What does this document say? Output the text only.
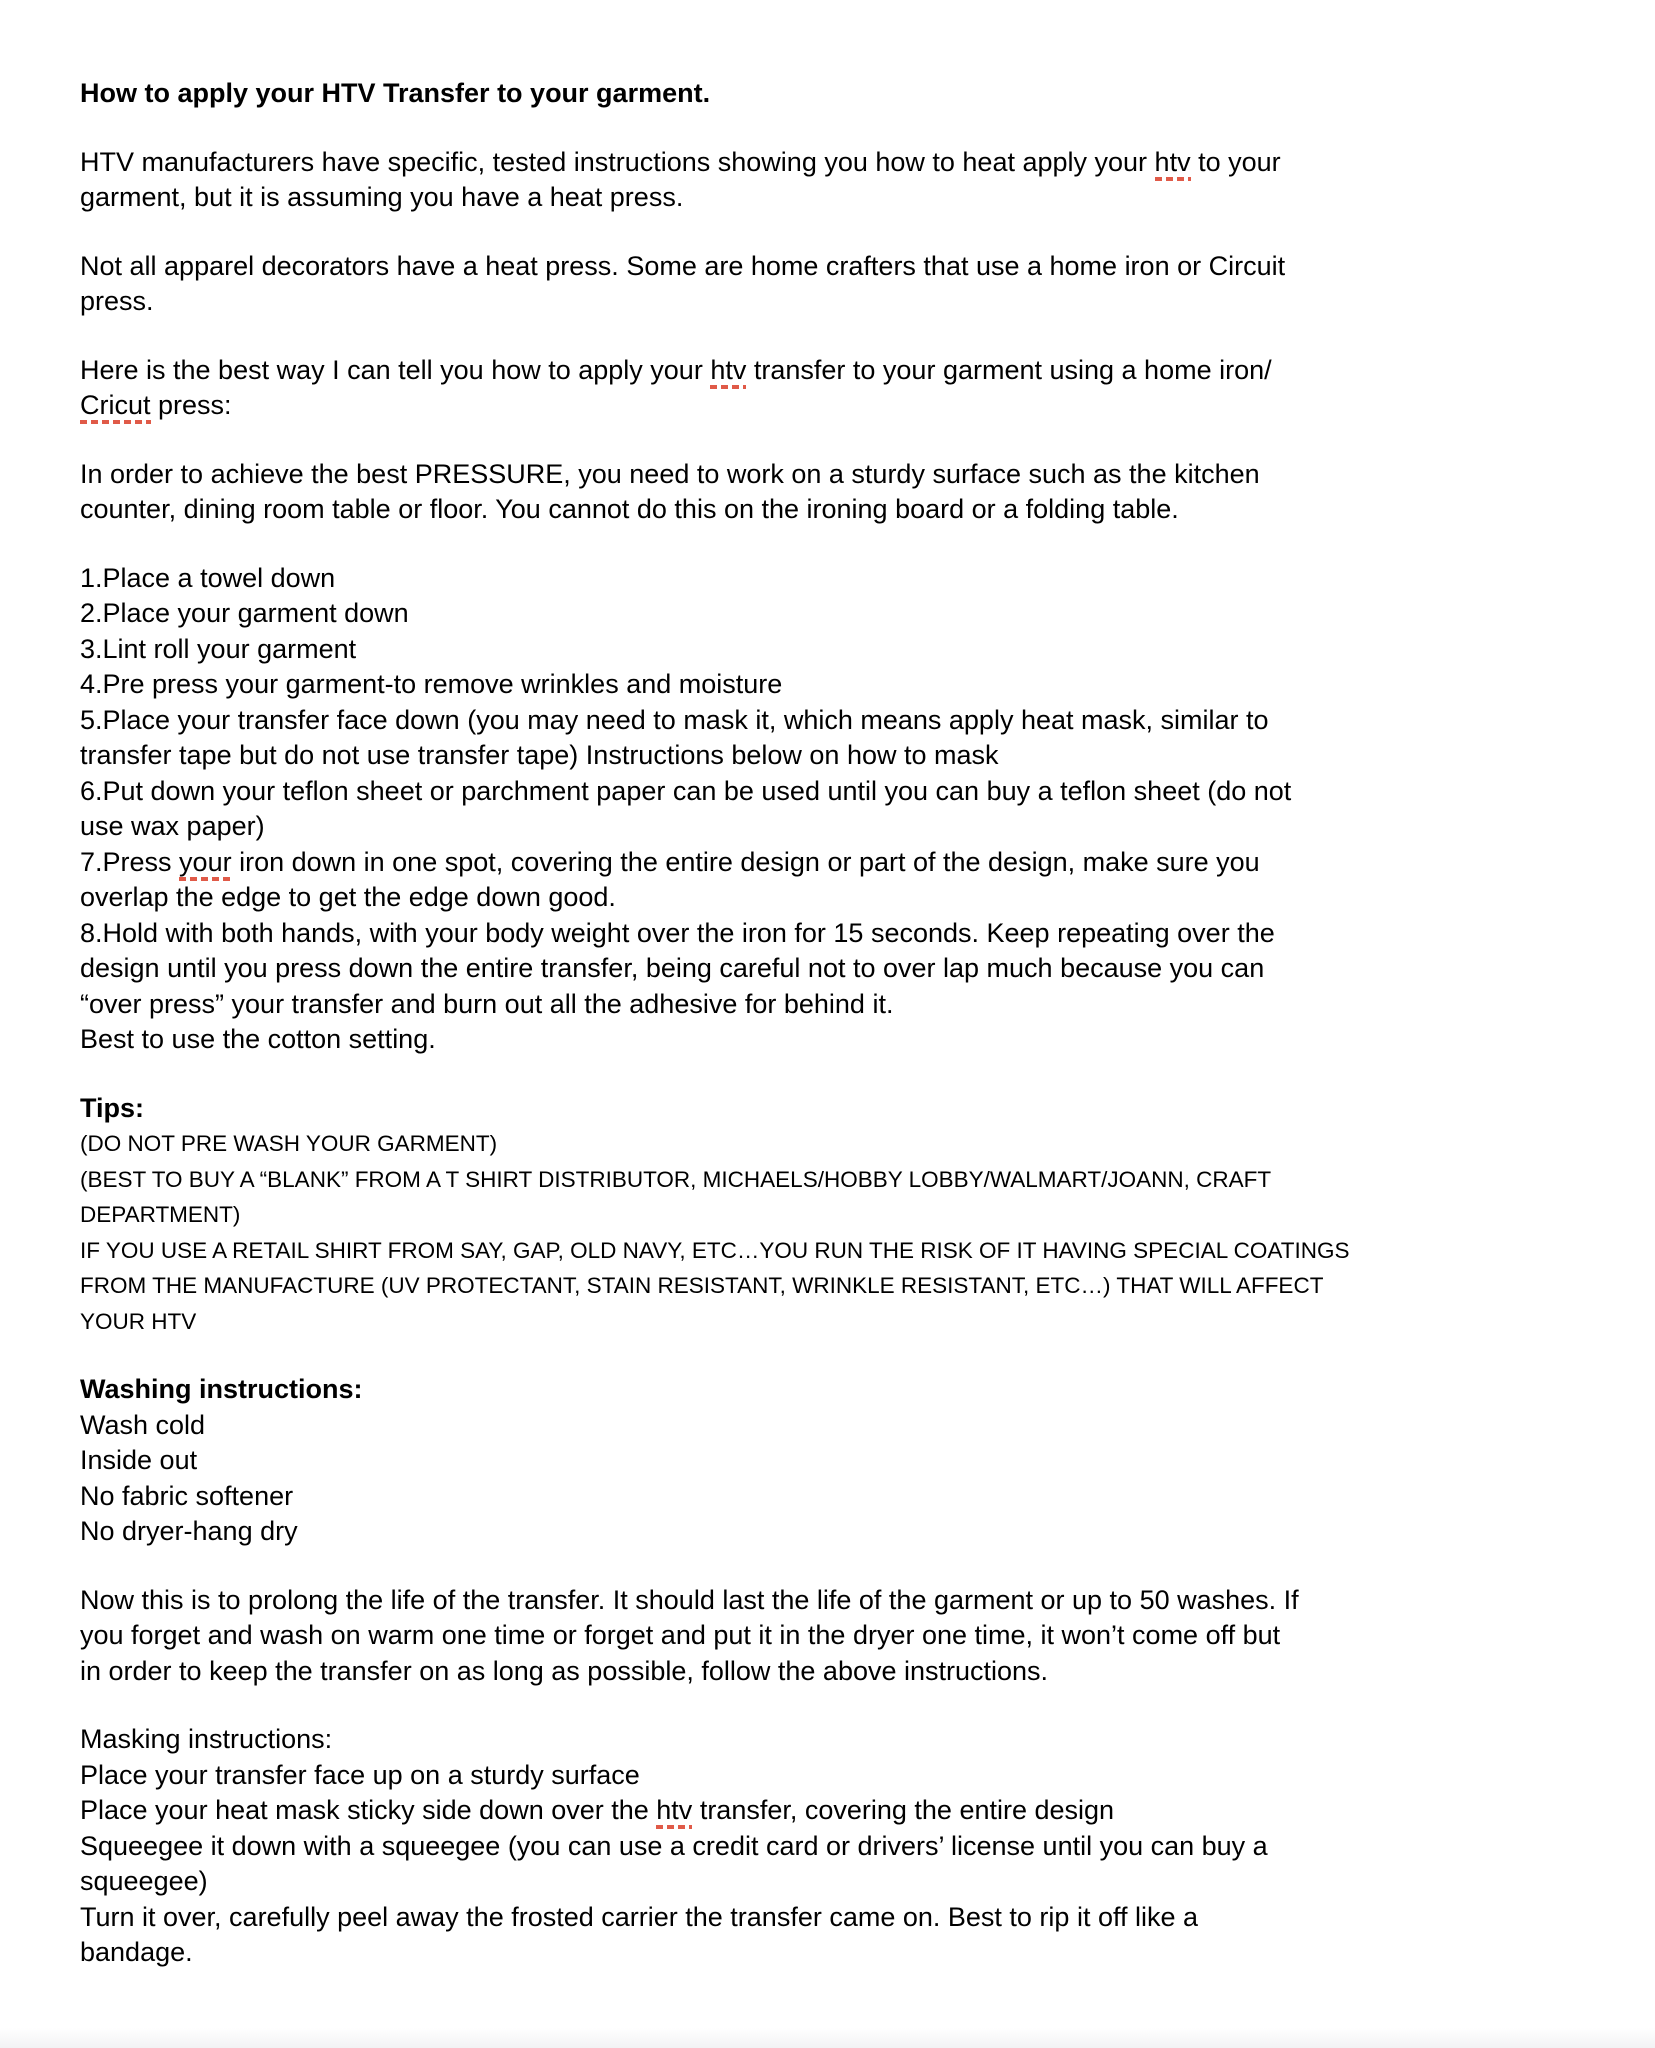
How to apply your HTV Transfer to your garment.
HTV manufacturers have specific, tested instructions showing you how to heat apply your htv to your
garment, but it is assuming you have a heat press.
Not all apparel decorators have a heat press. Some are home crafters that use a home iron or Circuit
press.
Here is the best way I can tell you how to apply your htv transfer to your garment using a home iron/
Cricut press:
In order to achieve the best PRESSURE, you need to work on a sturdy surface such as the kitchen
counter, dining room table or floor. You cannot do this on the ironing board or a folding table.
1.Place a towel down
2.Place your garment down
3.Lint roll your garment
4.Pre press your garment-to remove wrinkles and moisture
5.Place your transfer face down (you may need to mask it, which means apply heat mask, similar to
transfer tape but do not use transfer tape) Instructions below on how to mask
6.Put down your teflon sheet or parchment paper can be used until you can buy a teflon sheet (do not
use wax paper)
7.Press your iron down in one spot, covering the entire design or part of the design, make sure you
overlap the edge to get the edge down good.
8.Hold with both hands, with your body weight over the iron for 15 seconds. Keep repeating over the
design until you press down the entire transfer, being careful not to over lap much because you can
“over press” your transfer and burn out all the adhesive for behind it.
Best to use the cotton setting.
Tips:
(DO NOT PRE WASH YOUR GARMENT)
(BEST TO BUY A “BLANK” FROM A T SHIRT DISTRIBUTOR, MICHAELS/HOBBY LOBBY/WALMART/JOANN, CRAFT
DEPARTMENT)
IF YOU USE A RETAIL SHIRT FROM SAY, GAP, OLD NAVY, ETC…YOU RUN THE RISK OF IT HAVING SPECIAL COATINGS
FROM THE MANUFACTURE (UV PROTECTANT, STAIN RESISTANT, WRINKLE RESISTANT, ETC…) THAT WILL AFFECT
YOUR HTV
Washing instructions:
Wash cold
Inside out
No fabric softener
No dryer-hang dry
Now this is to prolong the life of the transfer. It should last the life of the garment or up to 50 washes. If
you forget and wash on warm one time or forget and put it in the dryer one time, it won’t come off but
in order to keep the transfer on as long as possible, follow the above instructions.
Masking instructions:
Place your transfer face up on a sturdy surface
Place your heat mask sticky side down over the htv transfer, covering the entire design
Squeegee it down with a squeegee (you can use a credit card or drivers’ license until you can buy a
squeegee)
Turn it over, carefully peel away the frosted carrier the transfer came on. Best to rip it off like a
bandage.
